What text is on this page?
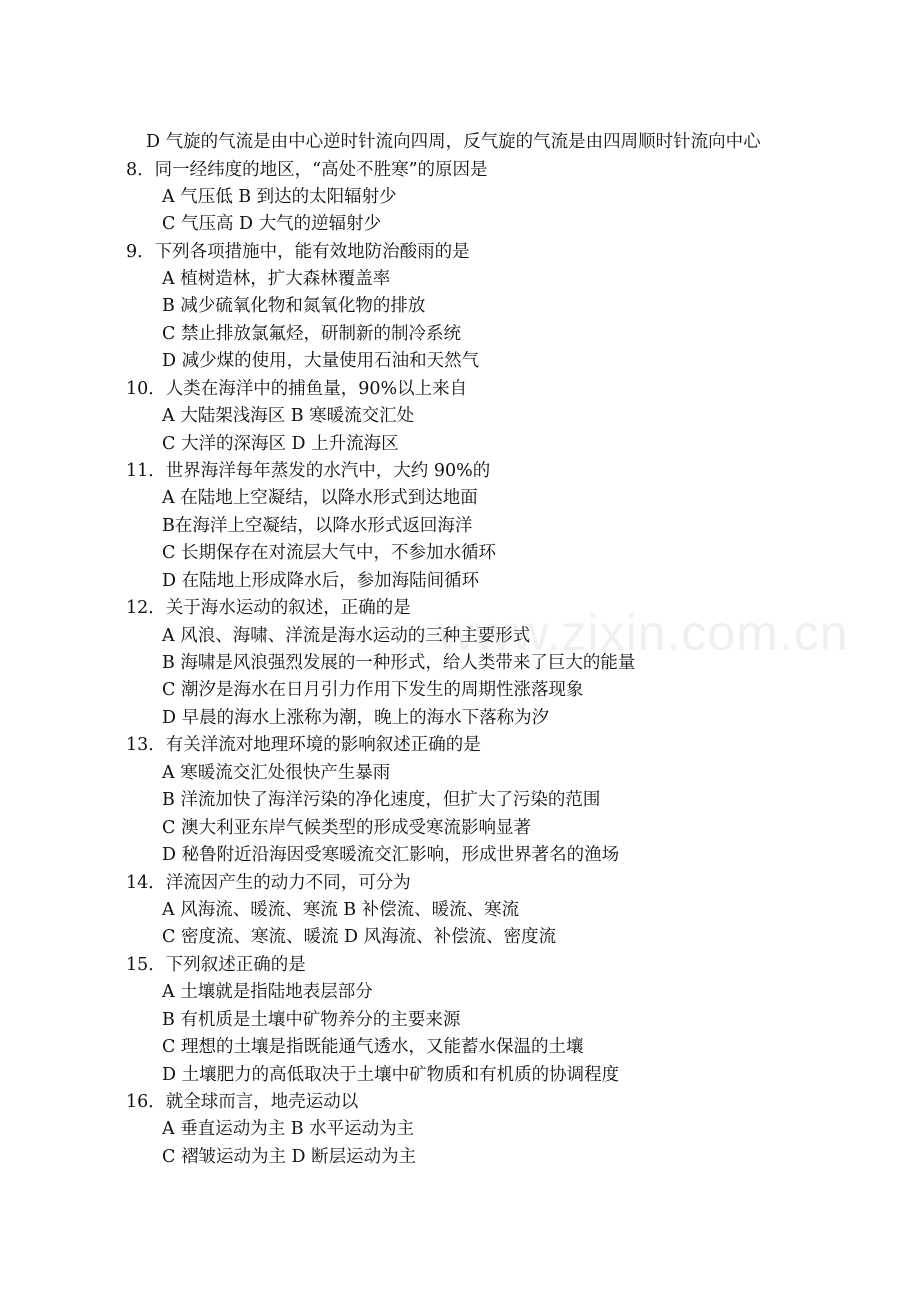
www.zixin.com.cn
D 气旋的气流是由中心逆时针流向四周，反气旋的气流是由四周顺时针流向中心
8．同一经纬度的地区，“高处不胜寒”的原因是
A 气压低 B 到达的太阳辐射少
C 气压高 D 大气的逆辐射少
9．下列各项措施中，能有效地防治酸雨的是
A 植树造林，扩大森林覆盖率
B 减少硫氧化物和氮氧化物的排放
C 禁止排放氯氟烃，研制新的制冷系统
D 减少煤的使用，大量使用石油和天然气
10．人类在海洋中的捕鱼量，90%以上来自
A 大陆架浅海区 B 寒暖流交汇处
C 大洋的深海区 D 上升流海区
11．世界海洋每年蒸发的水汽中，大约 90%的
A 在陆地上空凝结，以降水形式到达地面
B在海洋上空凝结，以降水形式返回海洋
C 长期保存在对流层大气中，不参加水循环
D 在陆地上形成降水后，参加海陆间循环
12．关于海水运动的叙述，正确的是
A 风浪、海啸、洋流是海水运动的三种主要形式
B 海啸是风浪强烈发展的一种形式，给人类带来了巨大的能量
C 潮汐是海水在日月引力作用下发生的周期性涨落现象
D 早晨的海水上涨称为潮，晚上的海水下落称为汐
13．有关洋流对地理环境的影响叙述正确的是
A 寒暖流交汇处很快产生暴雨
B 洋流加快了海洋污染的净化速度，但扩大了污染的范围
C 澳大利亚东岸气候类型的形成受寒流影响显著
D 秘鲁附近沿海因受寒暖流交汇影响，形成世界著名的渔场
14．洋流因产生的动力不同，可分为
A 风海流、暖流、寒流 B 补偿流、暖流、寒流
C 密度流、寒流、暖流 D 风海流、补偿流、密度流
15．下列叙述正确的是
A 土壤就是指陆地表层部分
B 有机质是土壤中矿物养分的主要来源
C 理想的土壤是指既能通气透水，又能蓄水保温的土壤
D 土壤肥力的高低取决于土壤中矿物质和有机质的协调程度
16．就全球而言，地壳运动以
A 垂直运动为主 B 水平运动为主
C 褶皱运动为主 D 断层运动为主
